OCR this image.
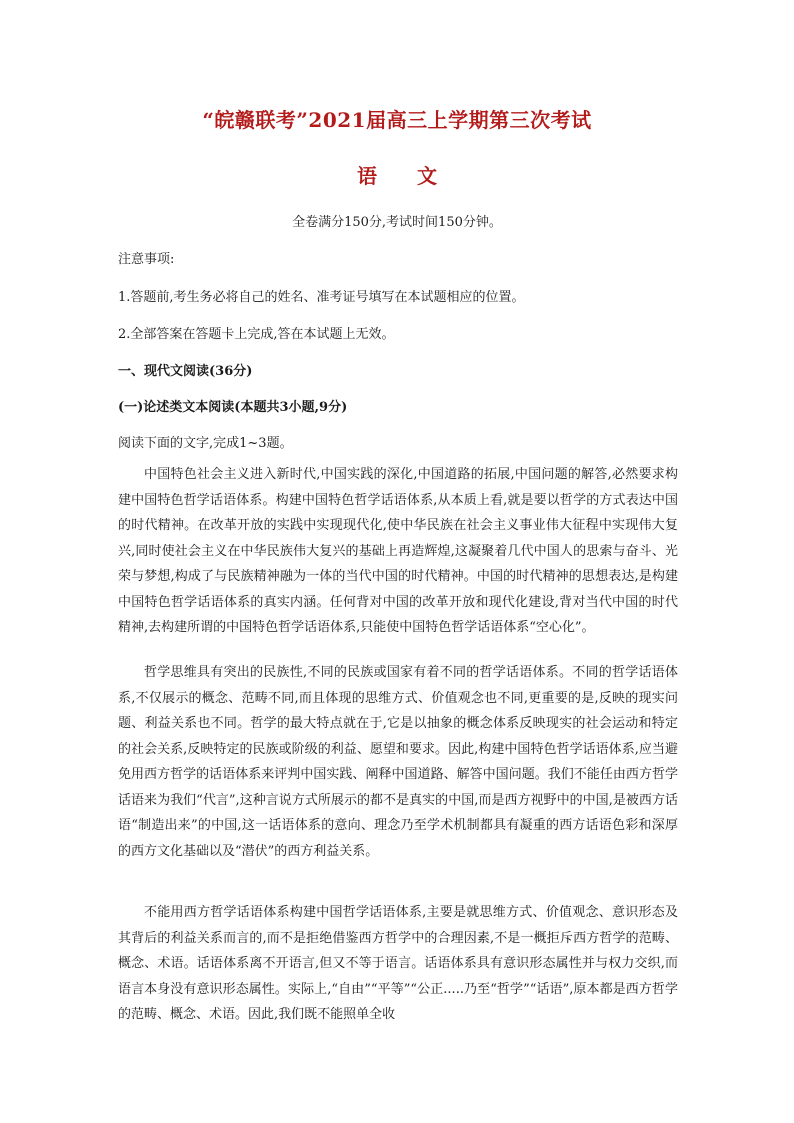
“皖赣联考”2021届高三上学期第三次考试
语文
全卷满分150分,考试时间150分钟。
注意事项:
1.答题前,考生务必将自己的姓名、准考证号填写在本试题相应的位置。
2.全部答案在答题卡上完成,答在本试题上无效。
一、现代文阅读(36分)
(一)论述类文本阅读(本题共3小题,9分)
阅读下面的文字,完成1~3题。
中国特色社会主义进入新时代,中国实践的深化,中国道路的拓展,中国问题的解答,必然要求构建中国特色哲学话语体系。构建中国特色哲学话语体系,从本质上看,就是要以哲学的方式表达中国的时代精神。在改革开放的实践中实现现代化,使中华民族在社会主义事业伟大征程中实现伟大复兴,同时使社会主义在中华民族伟大复兴的基础上再造辉煌,这凝聚着几代中国人的思索与奋斗、光荣与梦想,构成了与民族精神融为一体的当代中国的时代精神。中国的时代精神的思想表达,是构建中国特色哲学话语体系的真实内涵。任何背对中国的改革开放和现代化建设,背对当代中国的时代精神,去构建所谓的中国特色哲学话语体系,只能使中国特色哲学话语体系“空心化”。
哲学思维具有突出的民族性,不同的民族或国家有着不同的哲学话语体系。不同的哲学话语体系,不仅展示的概念、范畴不同,而且体现的思维方式、价值观念也不同,更重要的是,反映的现实问题、利益关系也不同。哲学的最大特点就在于,它是以抽象的概念体系反映现实的社会运动和特定的社会关系,反映特定的民族或阶级的利益、愿望和要求。因此,构建中国特色哲学话语体系,应当避免用西方哲学的话语体系来评判中国实践、阐释中国道路、解答中国问题。我们不能任由西方哲学话语来为我们“代言”,这种言说方式所展示的都不是真实的中国,而是西方视野中的中国,是被西方话语“制造出来”的中国,这一话语体系的意向、理念乃至学术机制都具有凝重的西方话语色彩和深厚的西方文化基础以及“潜伏”的西方利益关系。
不能用西方哲学话语体系构建中国哲学话语体系,主要是就思维方式、价值观念、意识形态及其背后的利益关系而言的,而不是拒绝借鉴西方哲学中的合理因素,不是一概拒斥西方哲学的范畴、概念、术语。话语体系离不开语言,但又不等于语言。话语体系具有意识形态属性并与权力交织,而语言本身没有意识形态属性。实际上,“自由”“平等”“公正.....乃至“哲学”“话语”,原本都是西方哲学的范畴、概念、术语。因此,我们既不能照单全收
